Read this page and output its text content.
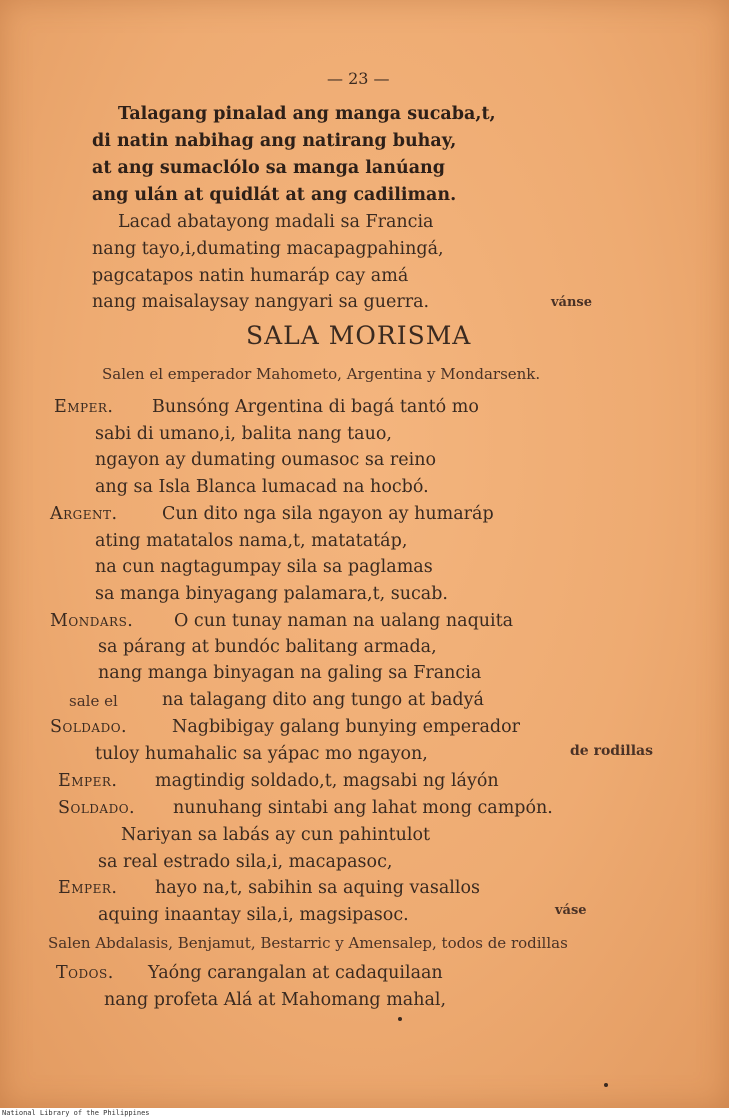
— 23 —
Talagang pinalad ang manga sucaba,t,
di natin nabihag ang natirang buhay,
at ang sumaclólo sa manga lanúang
ang ulán at quidlát at ang cadiliman.
Lacad abatayong madali sa Francia
nang tayo,i,dumating macapagpahingá,
pagcatapos natin humaráp cay amá
nang maisalaysay nangyari sa guerra.	vánse
SALA MORISMA
Salen el emperador Mahometo, Argentina y Mondarsenk.
Emper. Bunsóng Argentina di bagá tantó mo
sabi di umano,i, balita nang tauo,
ngayon ay dumating oumasoc sa reino
ang sa Isla Blanca lumacad na hocbó.
Argent.	Cun dito nga sila ngayon ay humaráp
ating matatalos nama,t, matatatáp,
na cun nagtagumpay sila sa paglamas
sa manga binyagang palamara,t, sucab.
Mondars. O cun tunay naman na ualang naquita
sa párang at bundóc balitang armada,
nang manga binyagan na galing sa Francia
sale el	na talagang dito ang tungo at badyá
Soldado.	Nagbibigay galang bunying emperador
tuloy humahalic sa yápac mo ngayon,	de rodillas
Emper. magtindig soldado,t, magsabi ng láyón
Soldado. nunuhang sintabi ang lahat mong campón.
Nariyan sa labás ay cun pahintulot
sa real estrado sila,i, macapasoc,
Emper. hayo na,t, sabihin sa aquing vasallos
aquing inaantay sila,i, magsipasoc.	váse
Salen Abdalasis, Benjamut, Bestarric y Amensalep, todos de rodillas
Todos. Yaóng carangalan at cadaquilaan
nang profeta Alá at Mahomang mahal,
National Library of the Philippines
